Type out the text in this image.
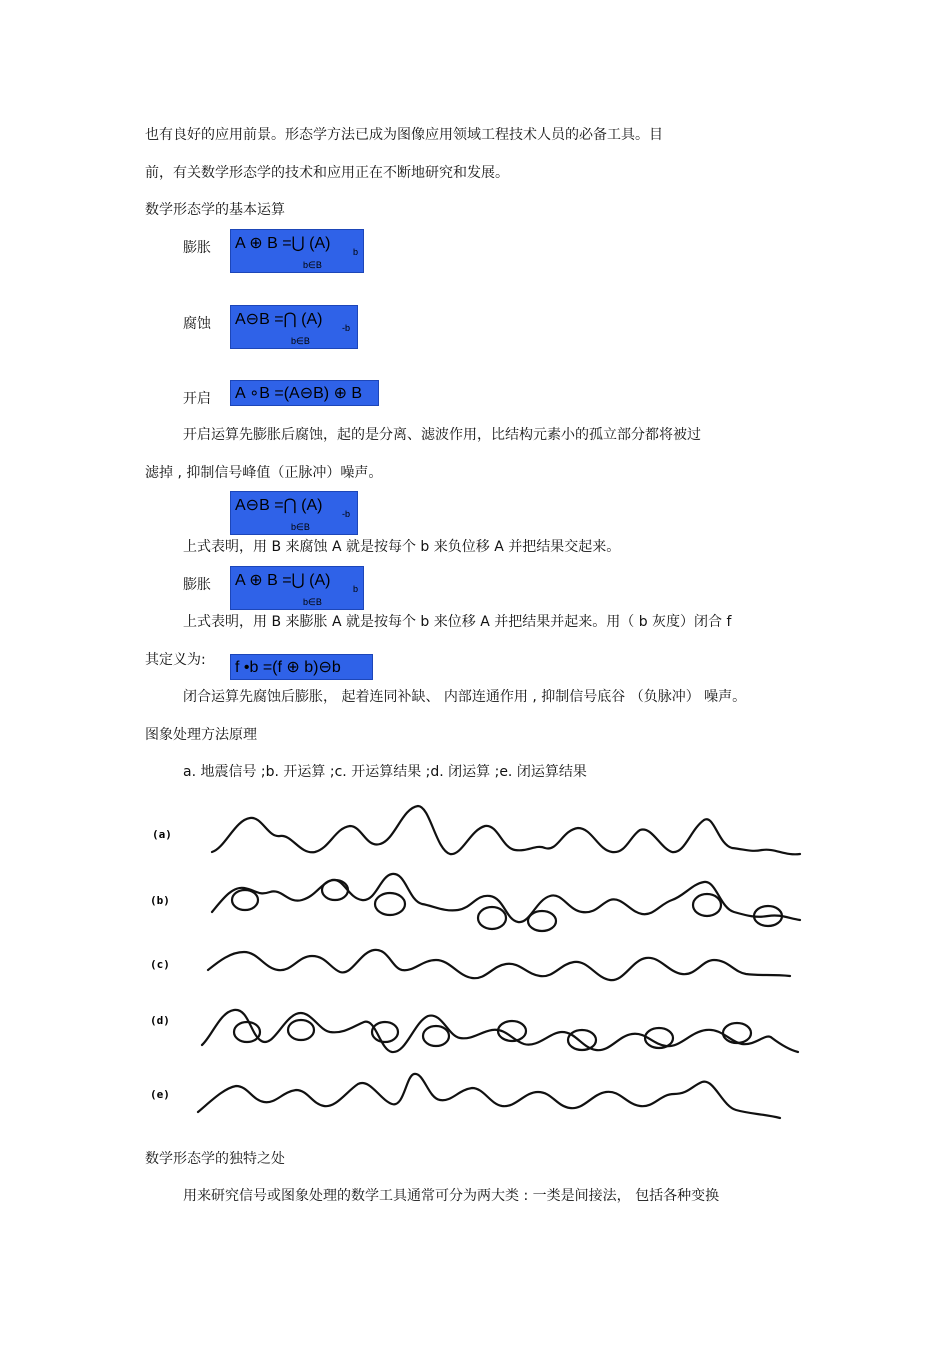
也有良好的应用前景。形态学方法已成为图像应用领域工程技术人员的必备工具。目
前，有关数学形态学的技术和应用正在不断地研究和发展。
数学形态学的基本运算
膨胀 A ⊕ B =⋃ (A)	b
b∈B
腐蚀 A⊖B =⋂ (A) -b
b∈B
开启 A ∘B =(A⊖B) ⊕ B
开启运算先膨胀后腐蚀，起的是分离、滤波作用，比结构元素小的孤立部分都将被过
滤掉 , 抑制信号峰值（正脉冲）噪声。
A⊖B =⋂ (A) -b
b∈B
上式表明，用 B 来腐蚀 A 就是按每个 b 来负位移 A 并把结果交起来。
膨胀 A ⊕ B =⋃ (A)	b
b∈B
上式表明，用 B 来膨胀 A 就是按每个 b 来位移 A 并把结果并起来。用（ b 灰度）闭合 f
其定义为: f •b =(f ⊕ b)⊖b
闭合运算先腐蚀后膨胀， 起着连同补缺、 内部连通作用 , 抑制信号底谷 （负脉冲） 噪声。
图象处理方法原理
a. 地震信号 ;b. 开运算 ;c. 开运算结果 ;d. 闭运算 ;e. 闭运算结果
(a)
(b)
(c)
(d)
(e)
数学形态学的独特之处
用来研究信号或图象处理的数学工具通常可分为两大类 : 一类是间接法， 包括各种变换
